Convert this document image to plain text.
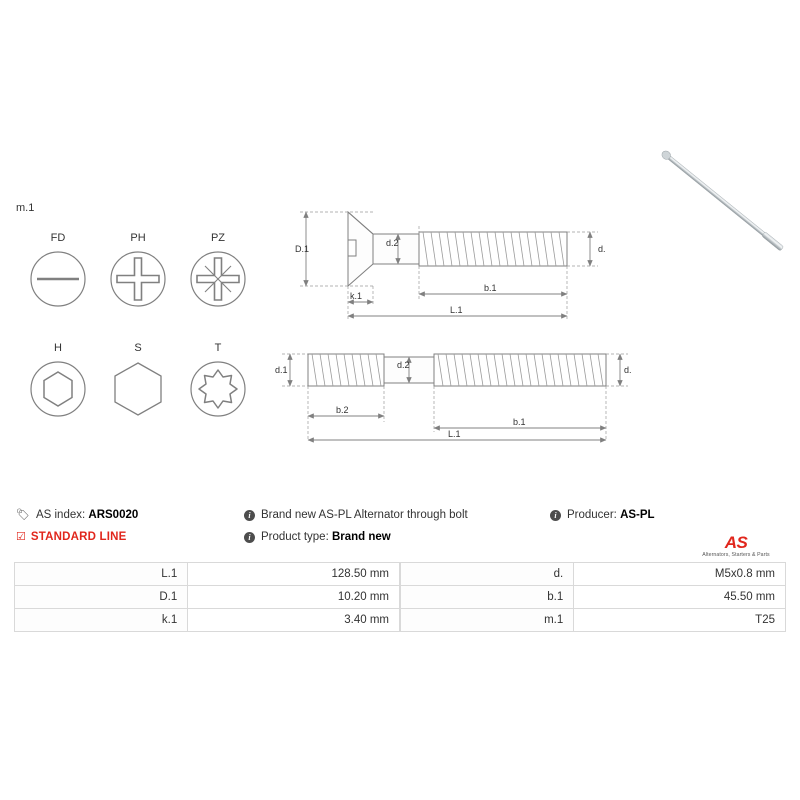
m.1
FD	PH	PZ
H	S	T
D.1
d.2
d.
b.1
k.1
L.1
d.1	d.2	d.
b.2
b.1
L.1
🏷 AS index: ARS0020
☑ STANDARD LINE
i Brand new AS-PL Alternator through bolt
i Product type: Brand new
i Producer: AS-PL
AS
Alternators, Starters & Parts
L.1	128.50 mm
D.1	10.20 mm
k.1	3.40 mm
d.	M5x0.8 mm
b.1	45.50 mm
m.1	T25
